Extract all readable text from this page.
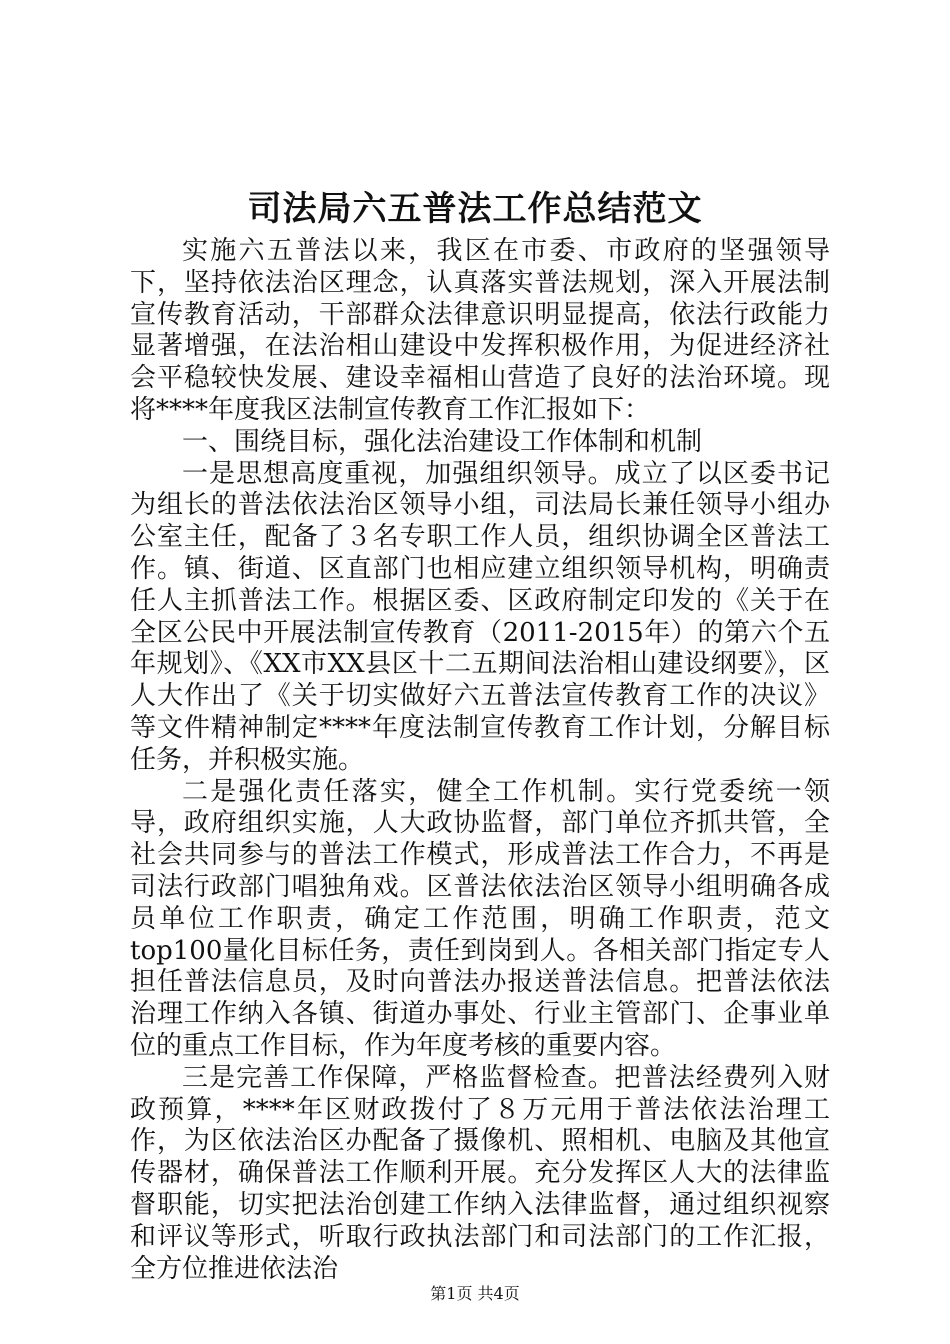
司法局六五普法工作总结范文

实施六五普法以来，我区在市委、市政府的坚强领导下，坚持依法治区理念，认真落实普法规划，深入开展法制宣传教育活动，干部群众法律意识明显提高，依法行政能力显著增强，在法治相山建设中发挥积极作用，为促进经济社会平稳较快发展、建设幸福相山营造了良好的法治环境。现将****年度我区法制宣传教育工作汇报如下：

一、围绕目标，强化法治建设工作体制和机制

一是思想高度重视，加强组织领导。成立了以区委书记为组长的普法依法治区领导小组，司法局长兼任领导小组办公室主任，配备了３名专职工作人员，组织协调全区普法工作。镇、街道、区直部门也相应建立组织领导机构，明确责任人主抓普法工作。根据区委、区政府制定印发的《关于在全区公民中开展法制宣传教育（2011-2015年）的第六个五年规划》、《XX市XX县区十二五期间法治相山建设纲要》，区人大作出了《关于切实做好六五普法宣传教育工作的决议》等文件精神制定****年度法制宣传教育工作计划，分解目标任务，并积极实施。

二是强化责任落实，健全工作机制。实行党委统一领导，政府组织实施，人大政协监督，部门单位齐抓共管，全社会共同参与的普法工作模式，形成普法工作合力，不再是司法行政部门唱独角戏。区普法依法治区领导小组明确各成员单位工作职责，确定工作范围，明确工作职责，范文top100量化目标任务，责任到岗到人。各相关部门指定专人担任普法信息员，及时向普法办报送普法信息。把普法依法治理工作纳入各镇、街道办事处、行业主管部门、企事业单位的重点工作目标，作为年度考核的重要内容。

三是完善工作保障，严格监督检查。把普法经费列入财政预算，****年区财政拨付了８万元用于普法依法治理工作，为区依法治区办配备了摄像机、照相机、电脑及其他宣传器材，确保普法工作顺利开展。充分发挥区人大的法律监督职能，切实把法治创建工作纳入法律监督，通过组织视察和评议等形式，听取行政执法部门和司法部门的工作汇报，全方位推进依法治

第1页 共4页
